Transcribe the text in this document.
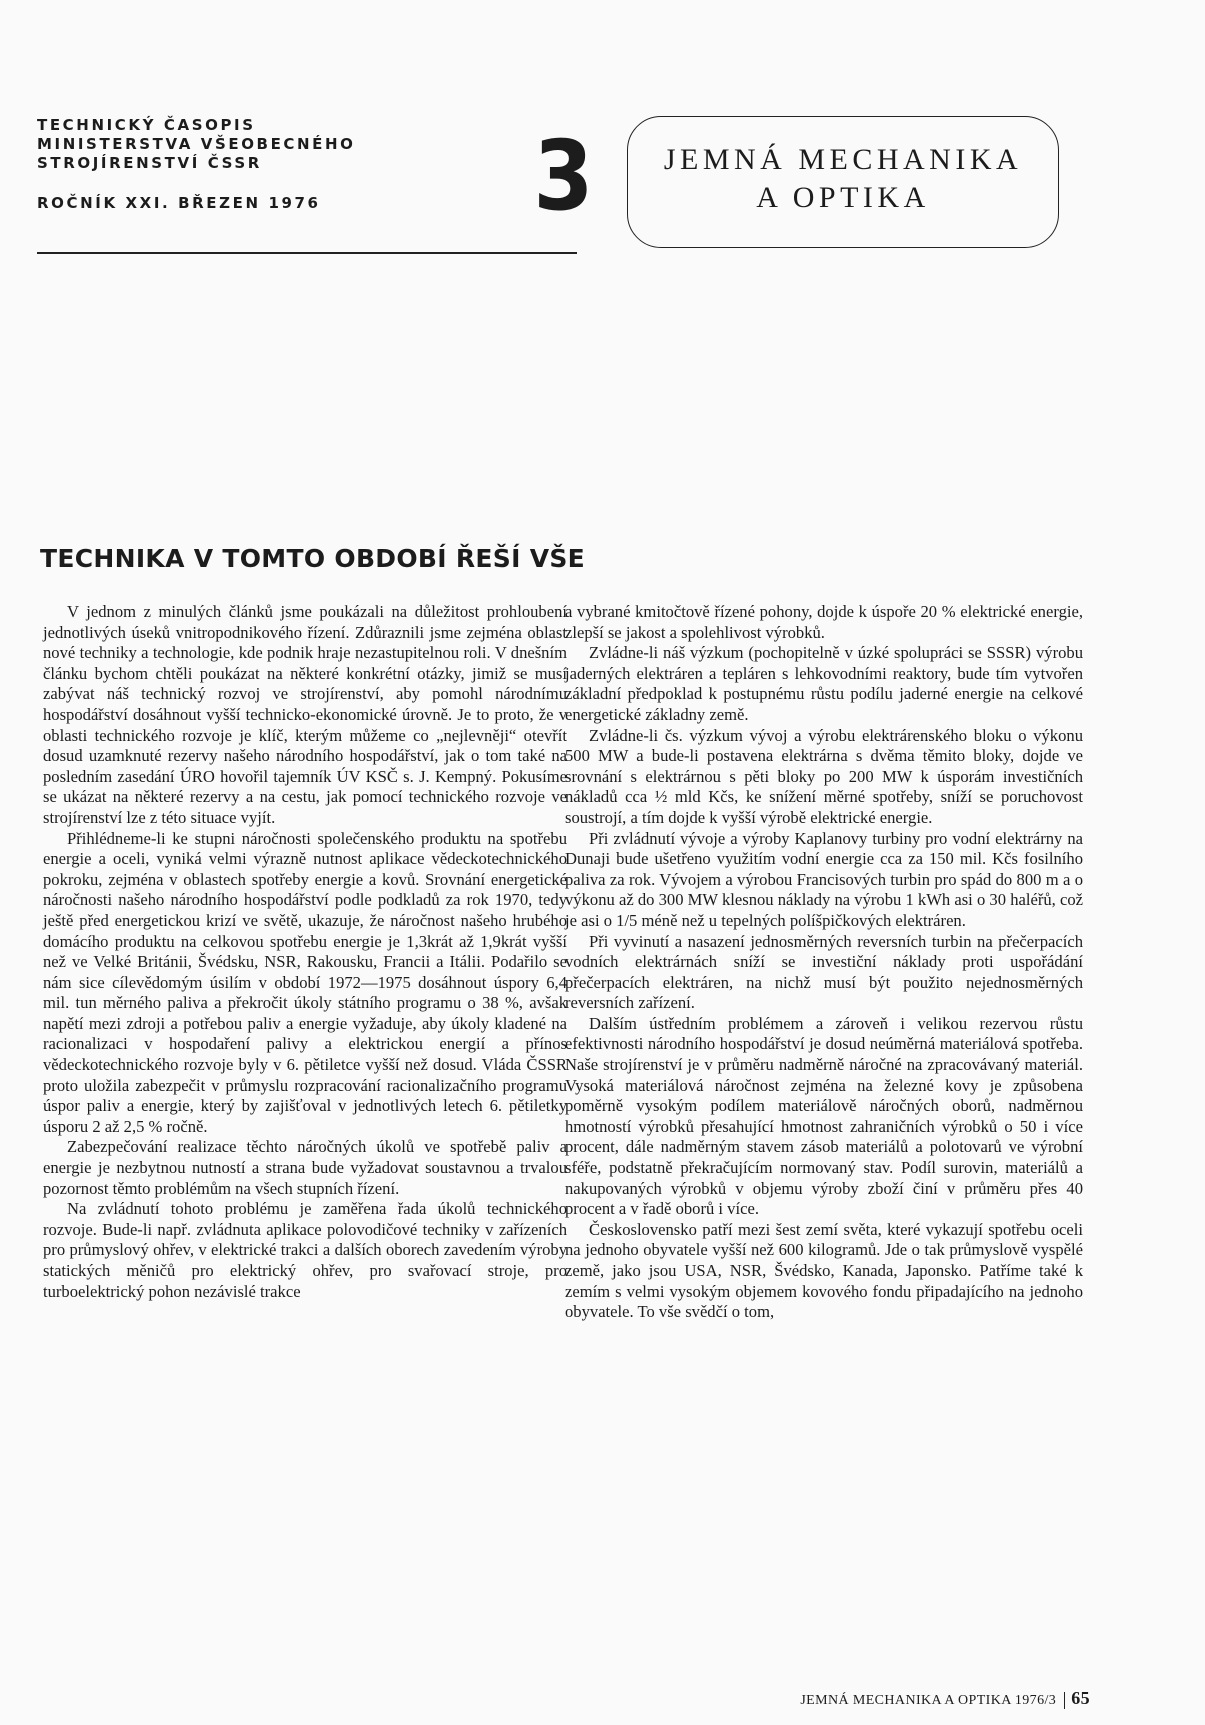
TECHNICKÝ ČASOPIS

MINISTERSTVA VŠEOBECNÉHO

STROJÍRENSTVÍ ČSSR

ROČNÍK XXI. BŘEZEN 1976	3	JEMNÁ MECHANIKA

A OPTIKA

TECHNIKA V TOMTO OBDOBÍ ŘEŠÍ VŠE

V jednom z minulých článků jsme poukázali na důležitost prohloubení jednotlivých úseků vnitropodnikového řízení. Zdůraznili jsme zejména oblast nové techniky a technologie, kde podnik hraje nezastupitelnou roli. V dnešním článku bychom chtěli poukázat na některé konkrétní otázky, jimiž se musí zabývat náš technický rozvoj ve strojírenství, aby pomohl národnímu hospodářství dosáhnout vyšší technicko-ekonomické úrovně. Je to proto, že v oblasti technického rozvoje je klíč, kterým můžeme co „nejlevněji“ otevřít dosud uzamknuté rezervy našeho národního hospodářství, jak o tom také na posledním zasedání ÚRO hovořil tajemník ÚV KSČ s. J. Kempný. Pokusíme se ukázat na některé rezervy a na cestu, jak pomocí technického rozvoje ve strojírenství lze z této situace vyjít.

Přihlédneme-li ke stupni náročnosti společenského produktu na spotřebu energie a oceli, vyniká velmi výrazně nutnost aplikace vědeckotechnického pokroku, zejména v oblastech spotřeby energie a kovů. Srovnání energetické náročnosti našeho národního hospodářství podle podkladů za rok 1970, tedy ještě před energetickou krizí ve světě, ukazuje, že náročnost našeho hrubého domácího produktu na celkovou spotřebu energie je 1,3krát až 1,9krát vyšší než ve Velké Británii, Švédsku, NSR, Rakousku, Francii a Itálii. Podařilo se nám sice cílevědomým úsilím v období 1972—1975 dosáhnout úspory 6,4 mil. tun měrného paliva a překročit úkoly státního programu o 38 %, avšak napětí mezi zdroji a potřebou paliv a energie vyžaduje, aby úkoly kladené na racionalizaci v hospodaření palivy a elektrickou energií a přínos vědeckotechnického rozvoje byly v 6. pětiletce vyšší než dosud. Vláda ČSSR proto uložila zabezpečit v průmyslu rozpracování racionalizačního programu úspor paliv a energie, který by zajišťoval v jednotlivých letech 6. pětiletky úsporu 2 až 2,5 % ročně.

Zabezpečování realizace těchto náročných úkolů ve spotřebě paliv a energie je nezbytnou nutností a strana bude vyžadovat soustavnou a trvalou pozornost těmto problémům na všech stupních řízení.

Na zvládnutí tohoto problému je zaměřena řada úkolů technického rozvoje. Bude-li např. zvládnuta aplikace polovodičové techniky v zařízeních pro průmyslový ohřev, v elektrické trakci a dalších oborech zavedením výroby statických měničů pro elektrický ohřev, pro svařovací stroje, pro turboelektrický pohon nezávislé trakce

a vybrané kmitočtově řízené pohony, dojde k úspoře 20 % elektrické energie, zlepší se jakost a spolehlivost výrobků.

Zvládne-li náš výzkum (pochopitelně v úzké spolupráci se SSSR) výrobu jaderných elektráren a tepláren s lehkovodními reaktory, bude tím vytvořen základní předpoklad k postupnému růstu podílu jaderné energie na celkové energetické základny země.

Zvládne-li čs. výzkum vývoj a výrobu elektrárenského bloku o výkonu 500 MW a bude-li postavena elektrárna s dvěma těmito bloky, dojde ve srovnání s elektrárnou s pěti bloky po 200 MW k úsporám investičních nákladů cca ½ mld Kčs, ke snížení měrné spotřeby, sníží se poruchovost soustrojí, a tím dojde k vyšší výrobě elektrické energie.

Při zvládnutí vývoje a výroby Kaplanovy turbiny pro vodní elektrárny na Dunaji bude ušetřeno využitím vodní energie cca za 150 mil. Kčs fosilního paliva za rok. Vývojem a výrobou Francisových turbin pro spád do 800 m a o výkonu až do 300 MW klesnou náklady na výrobu 1 kWh asi o 30 haléřů, což je asi o 1/5 méně než u tepelných políšpičkových elektráren.

Při vyvinutí a nasazení jednosměrných reversních turbin na přečerpacích vodních elektrárnách sníží se investiční náklady proti uspořádání přečerpacích elektráren, na nichž musí být použito nejednosměrných reversních zařízení.

Dalším ústředním problémem a zároveň i velikou rezervou růstu efektivnosti národního hospodářství je dosud neúměrná materiálová spotřeba. Naše strojírenství je v průměru nadměrně náročné na zpracovávaný materiál. Vysoká materiálová náročnost zejména na železné kovy je způsobena poměrně vysokým podílem materiálově náročných oborů, nadměrnou hmotností výrobků přesahující hmotnost zahraničních výrobků o 50 i více procent, dále nadměrným stavem zásob materiálů a polotovarů ve výrobní sféře, podstatně překračujícím normovaný stav. Podíl surovin, materiálů a nakupovaných výrobků v objemu výroby zboží činí v průměru přes 40 procent a v řadě oborů i více.

Československo patří mezi šest zemí světa, které vykazují spotřebu oceli na jednoho obyvatele vyšší než 600 kilogramů. Jde o tak průmyslově vyspělé země, jako jsou USA, NSR, Švédsko, Kanada, Japonsko. Patříme také k zemím s velmi vysokým objemem kovového fondu připadajícího na jednoho obyvatele. To vše svědčí o tom,

JEMNÁ MECHANIKA A OPTIKA 1976/3 65
